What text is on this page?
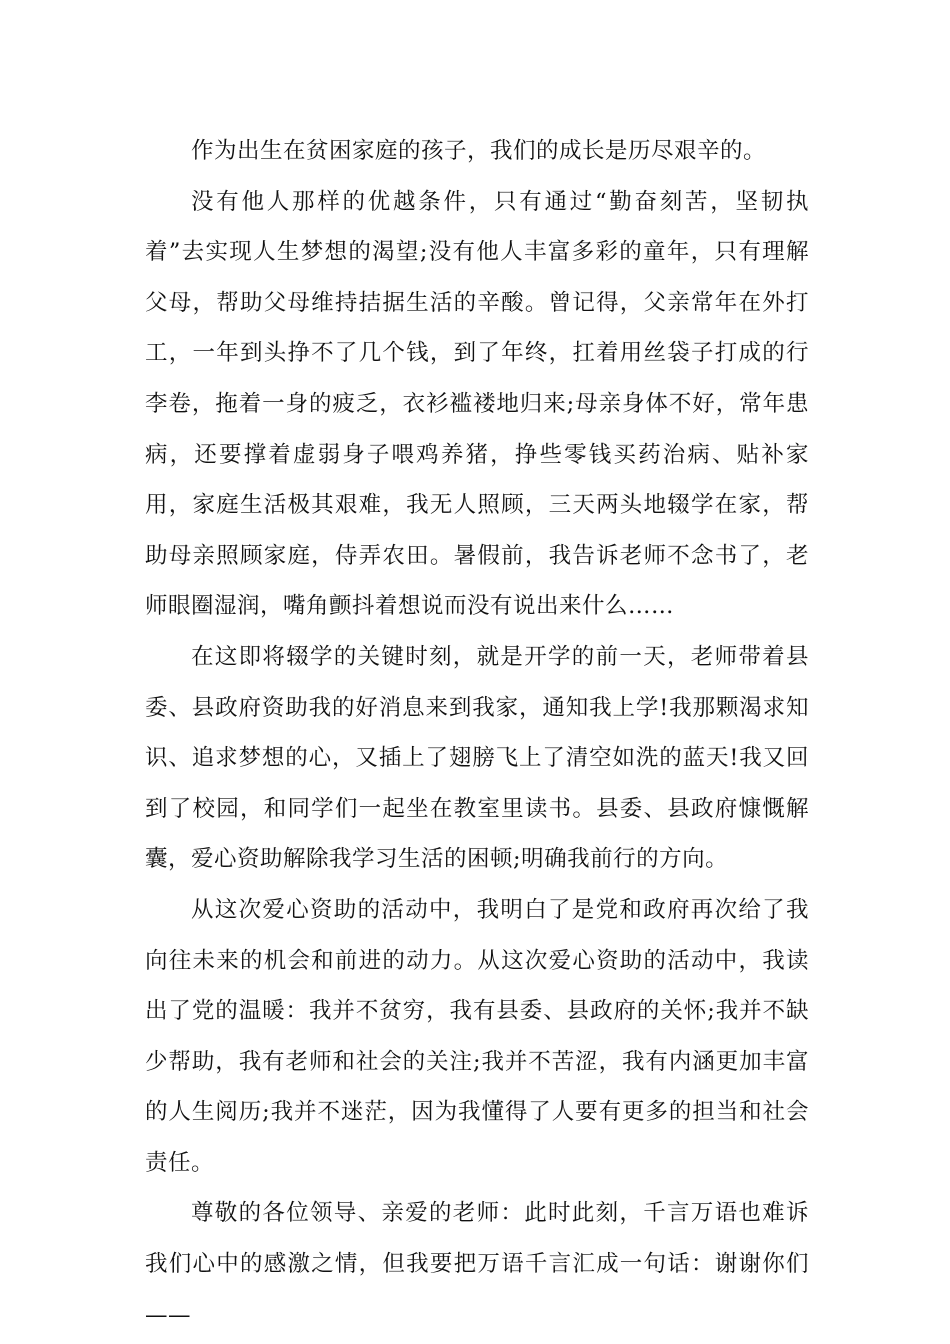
作为出生在贫困家庭的孩子，我们的成长是历尽艰辛的。

没有他人那样的优越条件，只有通过“勤奋刻苦，坚韧执着”去实现人生梦想的渴望;没有他人丰富多彩的童年，只有理解父母，帮助父母维持拮据生活的辛酸。曾记得，父亲常年在外打工，一年到头挣不了几个钱，到了年终，扛着用丝袋子打成的行李卷，拖着一身的疲乏，衣衫褴褛地归来;母亲身体不好，常年患病，还要撑着虚弱身子喂鸡养猪，挣些零钱买药治病、贴补家用，家庭生活极其艰难，我无人照顾，三天两头地辍学在家，帮助母亲照顾家庭，侍弄农田。暑假前，我告诉老师不念书了，老师眼圈湿润，嘴角颤抖着想说而没有说出来什么……

在这即将辍学的关键时刻，就是开学的前一天，老师带着县委、县政府资助我的好消息来到我家，通知我上学!我那颗渴求知识、追求梦想的心，又插上了翅膀飞上了清空如洗的蓝天!我又回到了校园，和同学们一起坐在教室里读书。县委、县政府慷慨解囊，爱心资助解除我学习生活的困顿;明确我前行的方向。

从这次爱心资助的活动中，我明白了是党和政府再次给了我向往未来的机会和前进的动力。从这次爱心资助的活动中，我读出了党的温暖：我并不贫穷，我有县委、县政府的关怀;我并不缺少帮助，我有老师和社会的关注;我并不苦涩，我有内涵更加丰富的人生阅历;我并不迷茫，因为我懂得了人要有更多的担当和社会责任。

尊敬的各位领导、亲爱的老师：此时此刻，千言万语也难诉我们心中的感激之情，但我要把万语千言汇成一句话：谢谢你们——
